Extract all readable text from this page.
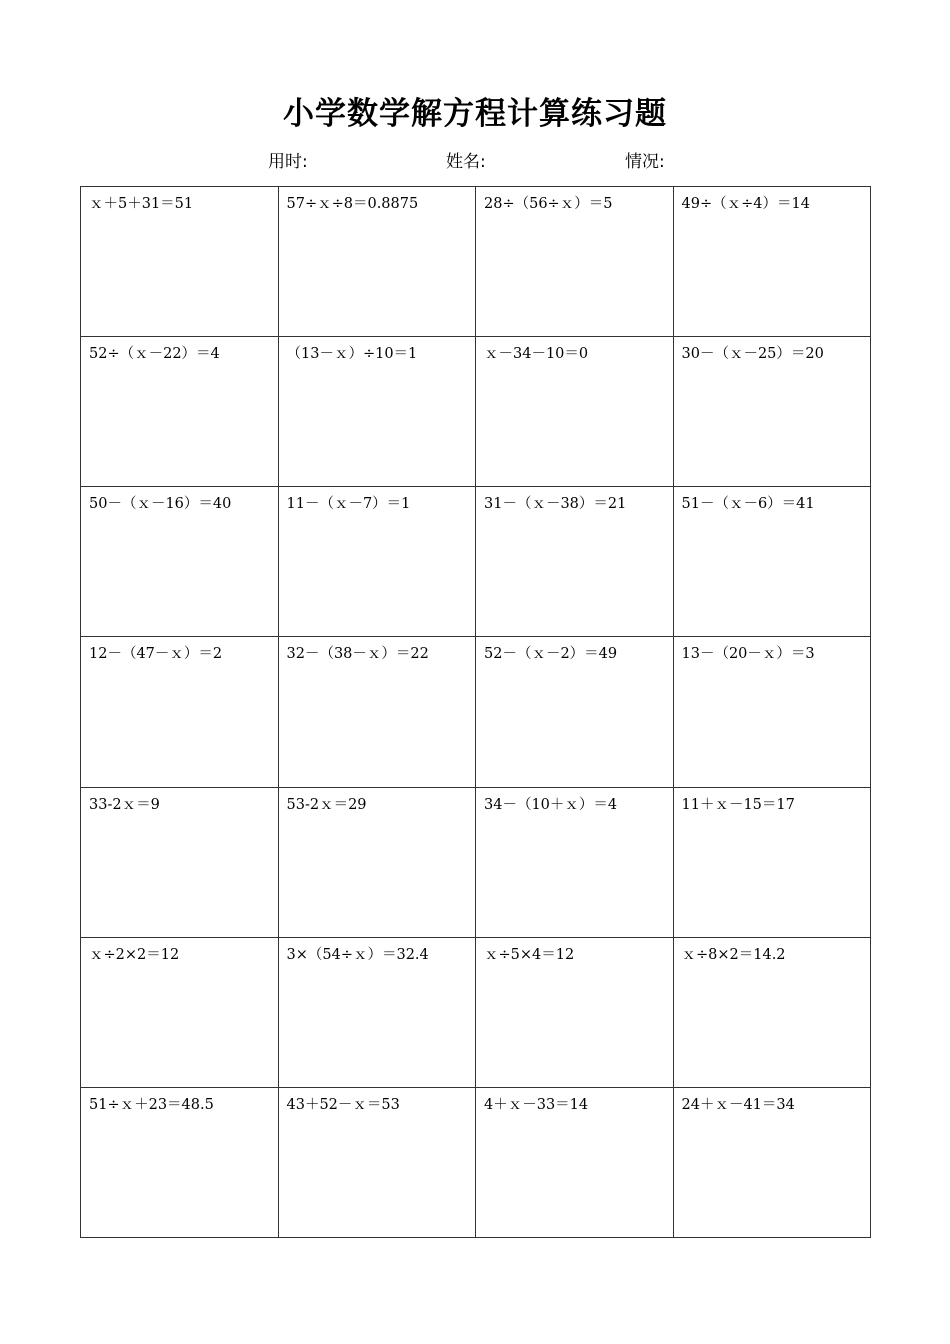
小学数学解方程计算练习题
用时:	姓名:	情况:
ｘ＋5＋31＝51	57÷ｘ÷8＝0.8875	28÷（56÷ｘ）＝5	49÷（ｘ÷4）＝14
52÷（ｘ－22）＝4	（13－ｘ）÷10＝1	ｘ－34－10＝0	30－（ｘ－25）＝20
50－（ｘ－16）＝40	11－（ｘ－7）＝1	31－（ｘ－38）＝21	51－（ｘ－6）＝41
12－（47－ｘ）＝2	32－（38－ｘ）＝22	52－（ｘ－2）＝49	13－（20－ｘ）＝3
33-2ｘ＝9	53-2ｘ＝29	34－（10＋ｘ）＝4	11＋ｘ－15＝17
ｘ÷2×2＝12	3×（54÷ｘ）＝32.4	ｘ÷5×4＝12	ｘ÷8×2＝14.2
51÷ｘ＋23＝48.5	43＋52－ｘ＝53	4＋ｘ－33＝14	24＋ｘ－41＝34
